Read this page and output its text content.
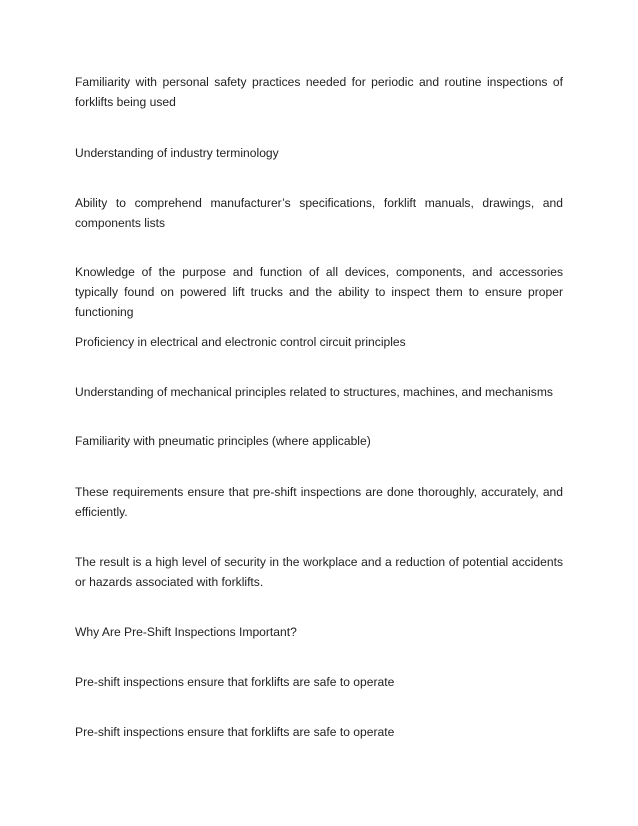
Familiarity with personal safety practices needed for periodic and routine inspections of forklifts being used

Understanding of industry terminology

Ability to comprehend manufacturer’s specifications, forklift manuals, drawings, and components lists

Knowledge of the purpose and function of all devices, components, and accessories typically found on powered lift trucks and the ability to inspect them to ensure proper functioning

Proficiency in electrical and electronic control circuit principles

Understanding of mechanical principles related to structures, machines, and mechanisms

Familiarity with pneumatic principles (where applicable)

These requirements ensure that pre-shift inspections are done thoroughly, accurately, and efficiently.

The result is a high level of security in the workplace and a reduction of potential accidents or hazards associated with forklifts.

Why Are Pre-Shift Inspections Important?

Pre-shift inspections ensure that forklifts are safe to operate

Pre-shift inspections ensure that forklifts are safe to operate
